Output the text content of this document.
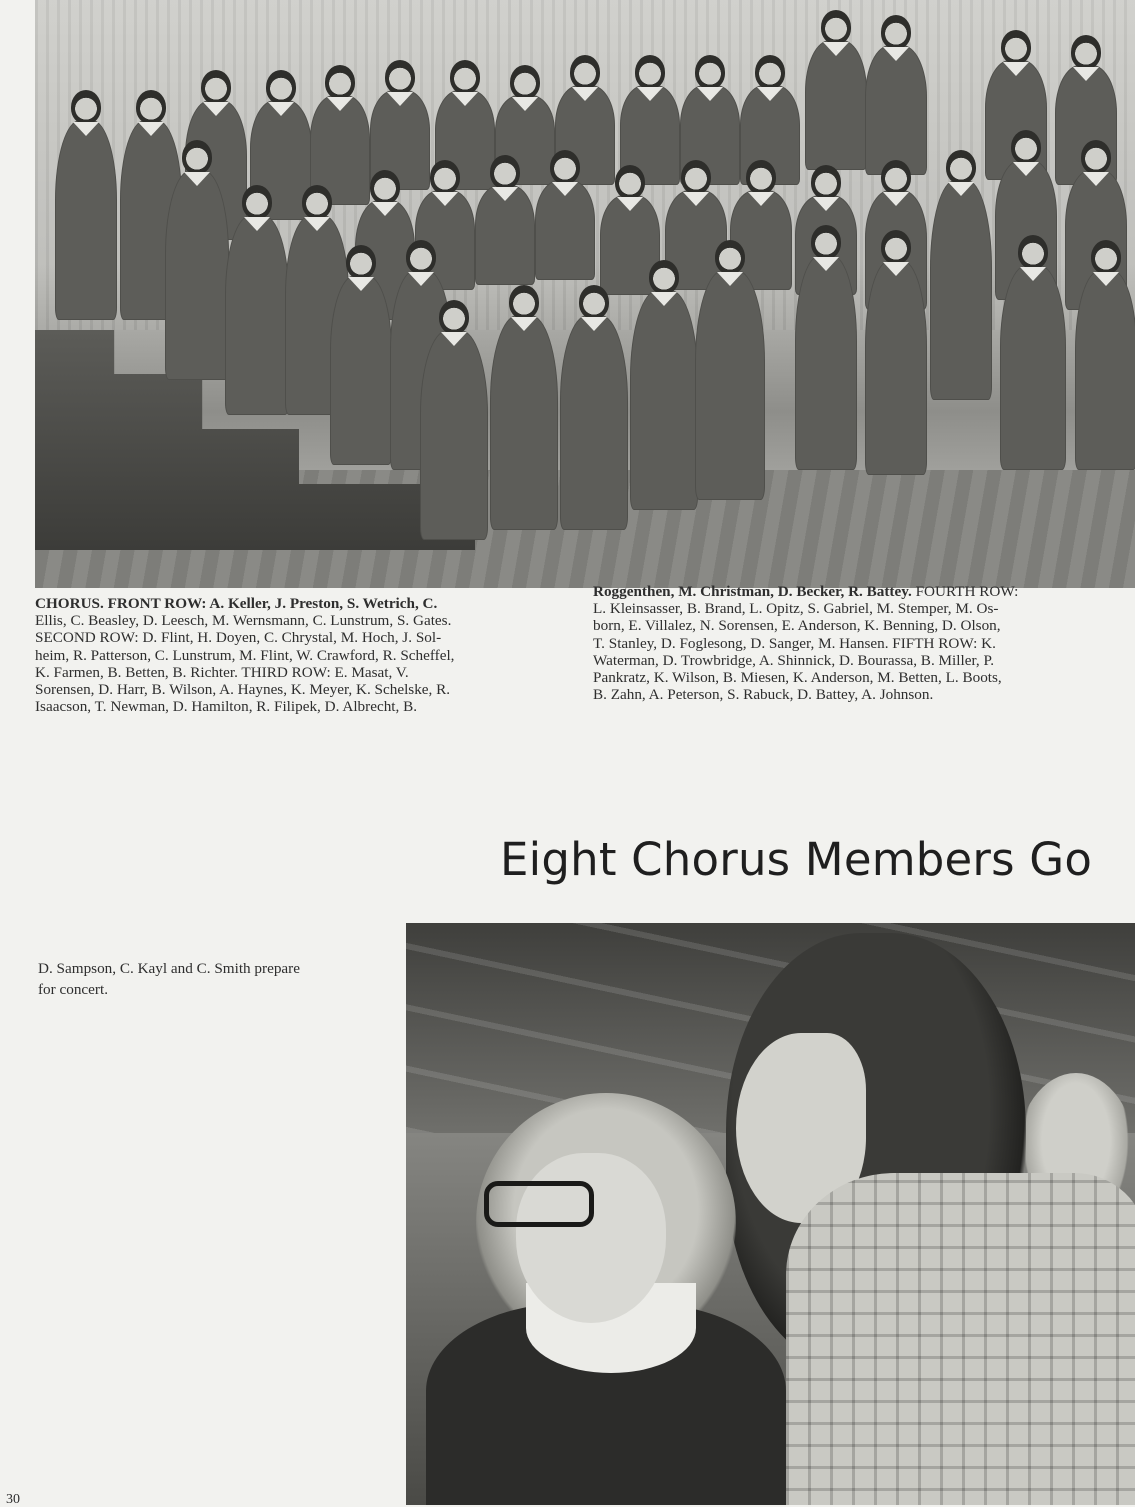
CHORUS. FRONT ROW: A. Keller, J. Preston, S. Wetrich, C.
Ellis, C. Beasley, D. Leesch, M. Wernsmann, C. Lunstrum, S. Gates.
SECOND ROW: D. Flint, H. Doyen, C. Chrystal, M. Hoch, J. Sol-
heim, R. Patterson, C. Lunstrum, M. Flint, W. Crawford, R. Scheffel,
K. Farmen, B. Betten, B. Richter. THIRD ROW: E. Masat, V.
Sorensen, D. Harr, B. Wilson, A. Haynes, K. Meyer, K. Schelske, R.
Isaacson, T. Newman, D. Hamilton, R. Filipek, D. Albrecht, B.

Roggenthen, M. Christman, D. Becker, R. Battey. FOURTH ROW:
L. Kleinsasser, B. Brand, L. Opitz, S. Gabriel, M. Stemper, M. Os-
born, E. Villalez, N. Sorensen, E. Anderson, K. Benning, D. Olson,
T. Stanley, D. Foglesong, D. Sanger, M. Hansen. FIFTH ROW: K.
Waterman, D. Trowbridge, A. Shinnick, D. Bourassa, B. Miller, P.
Pankratz, K. Wilson, B. Miesen, K. Anderson, M. Betten, L. Boots,
B. Zahn, A. Peterson, S. Rabuck, D. Battey, A. Johnson.

Eight Chorus Members Go

D. Sampson, C. Kayl and C. Smith prepare
for concert.

30
